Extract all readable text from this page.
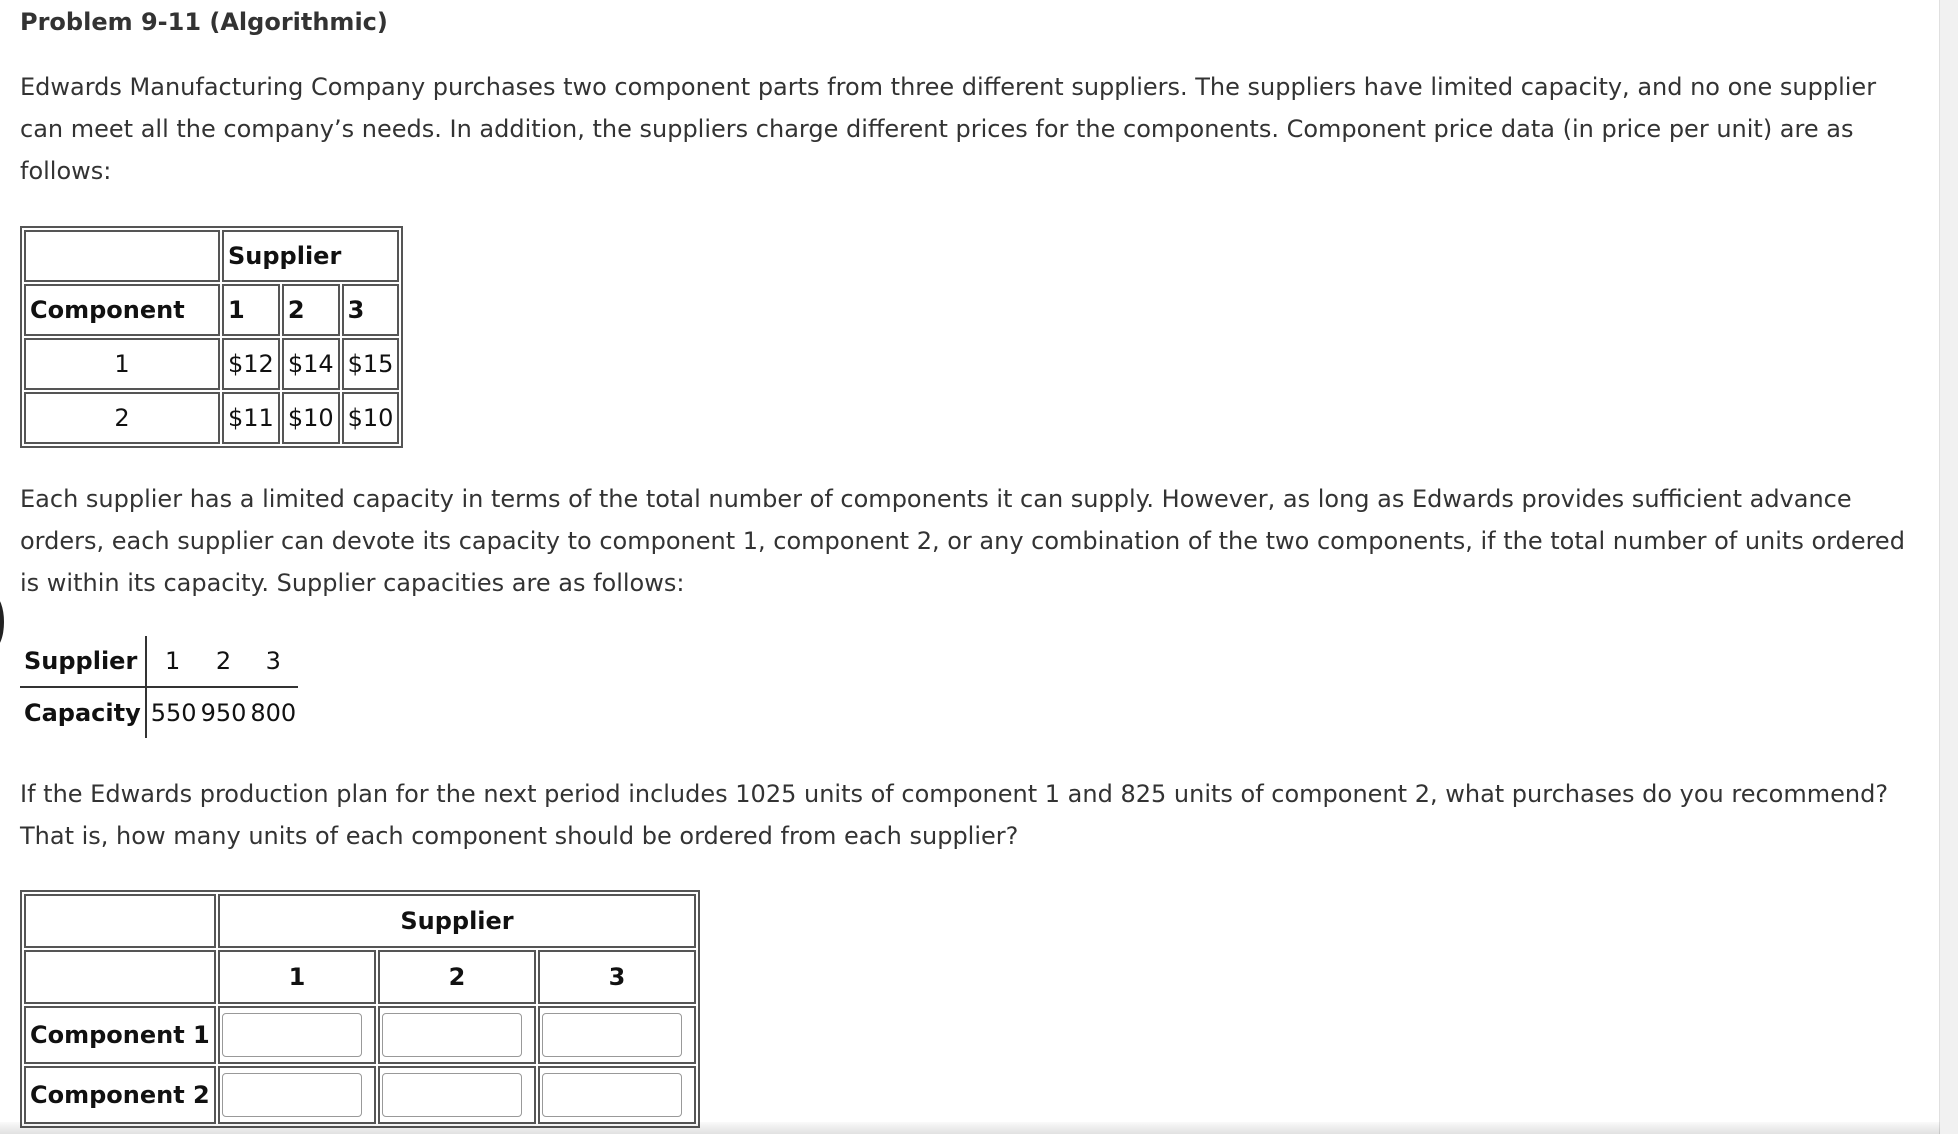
Problem 9-11 (Algorithmic)

Edwards Manufacturing Company purchases two component parts from three different suppliers. The suppliers have limited capacity, and no one supplier can meet all the company’s needs. In addition, the suppliers charge different prices for the components. Component price data (in price per unit) are as follows:

	Supplier		
Component	1	2	3
1	$12	$14	$15
2	$11	$10	$10

Each supplier has a limited capacity in terms of the total number of components it can supply. However, as long as Edwards provides sufficient advance orders, each supplier can devote its capacity to component 1, component 2, or any combination of the two components, if the total number of units ordered is within its capacity. Supplier capacities are as follows:

Supplier	1	2	3
Capacity	550	950	800

If the Edwards production plan for the next period includes 1025 units of component 1 and 825 units of component 2, what purchases do you recommend? That is, how many units of each component should be ordered from each supplier?

	Supplier		
	1	2	3
Component 1			
Component 2			
